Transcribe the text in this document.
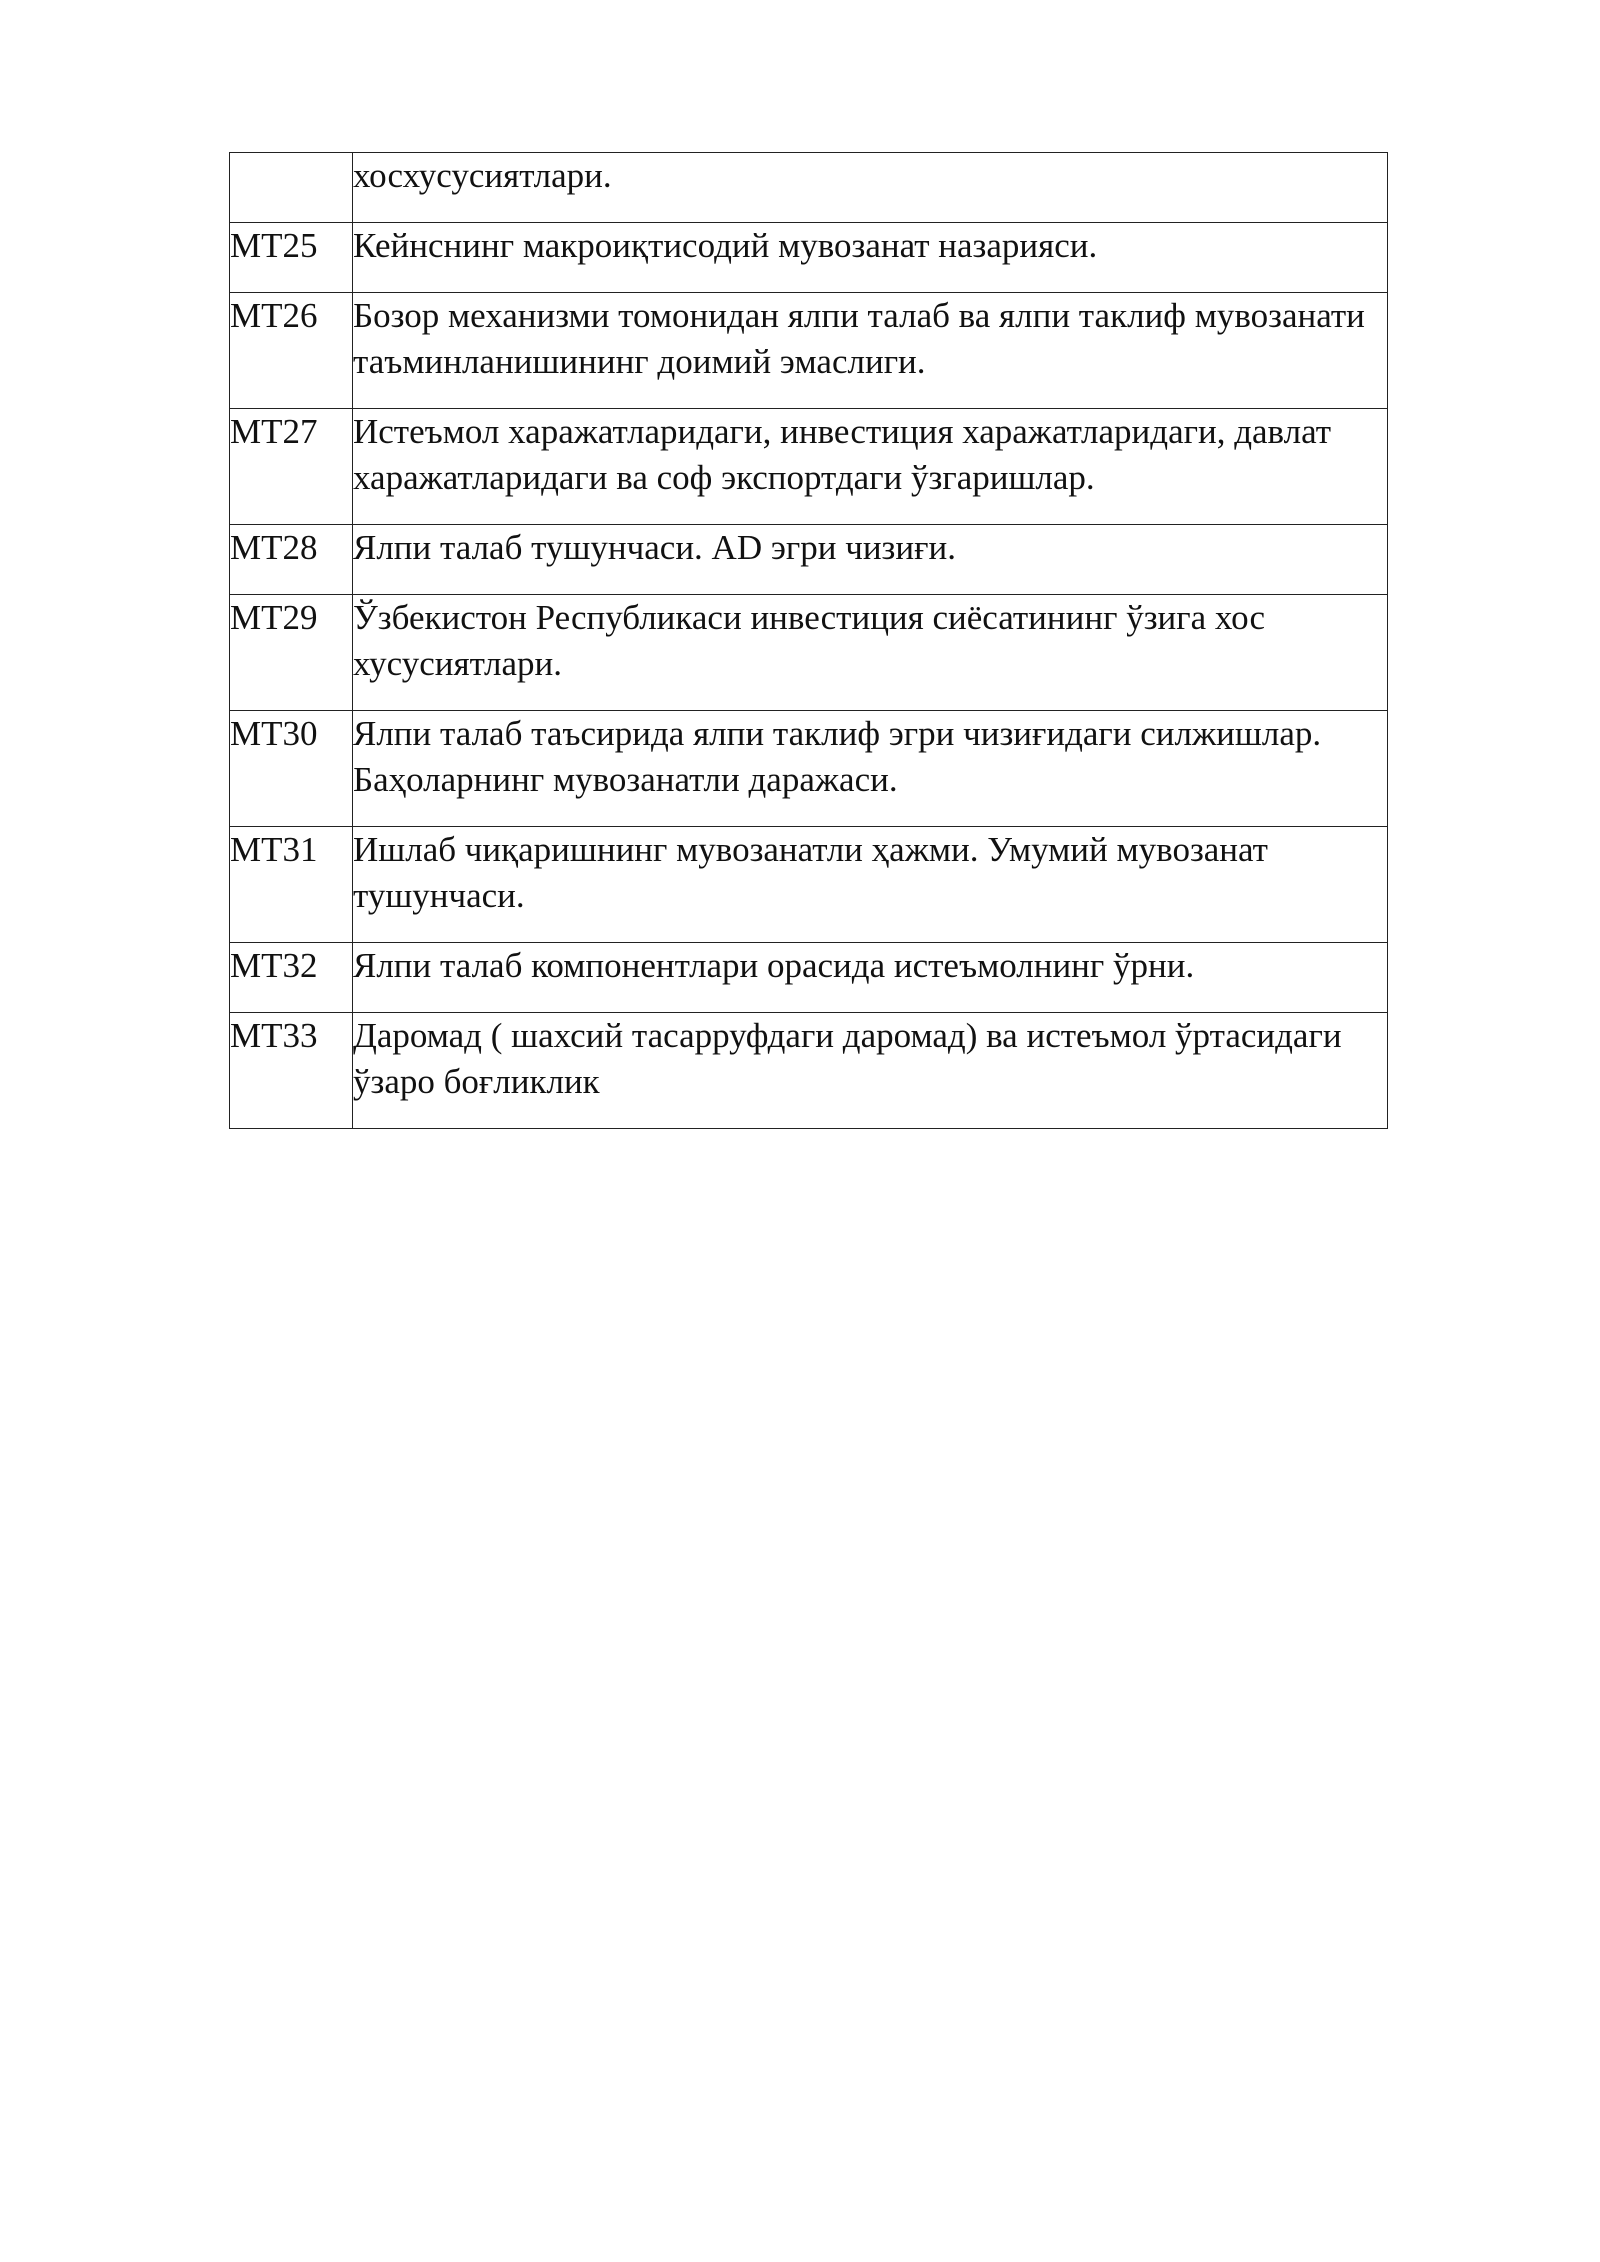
	хосхусусиятлари.
МТ25	Кейнснинг макроиқтисодий мувозанат назарияси.
МТ26	Бозор механизми томонидан ялпи талаб ва ялпи таклиф мувозанати таъминланишининг доимий эмаслиги.
МТ27	Истеъмол харажатларидаги, инвестиция харажатларидаги, давлат харажатларидаги ва соф экспортдаги ўзгаришлар.
МТ28	Ялпи талаб тушунчаси. AD эгри чизиғи.
МТ29	Ўзбекистон Республикаси инвестиция сиёсатининг ўзига хос хусусиятлари.
МТ30	Ялпи талаб таъсирида ялпи таклиф эгри чизиғидаги силжишлар. Баҳоларнинг мувозанатли даражаси.
МТ31	Ишлаб чиқаришнинг мувозанатли ҳажми. Умумий мувозанат тушунчаси.
МТ32	Ялпи талаб компонентлари орасида истеъмолнинг ўрни.
МТ33	Даромад ( шахсий тасарруфдаги даромад) ва истеъмол ўртасидаги ўзаро боғликлик
